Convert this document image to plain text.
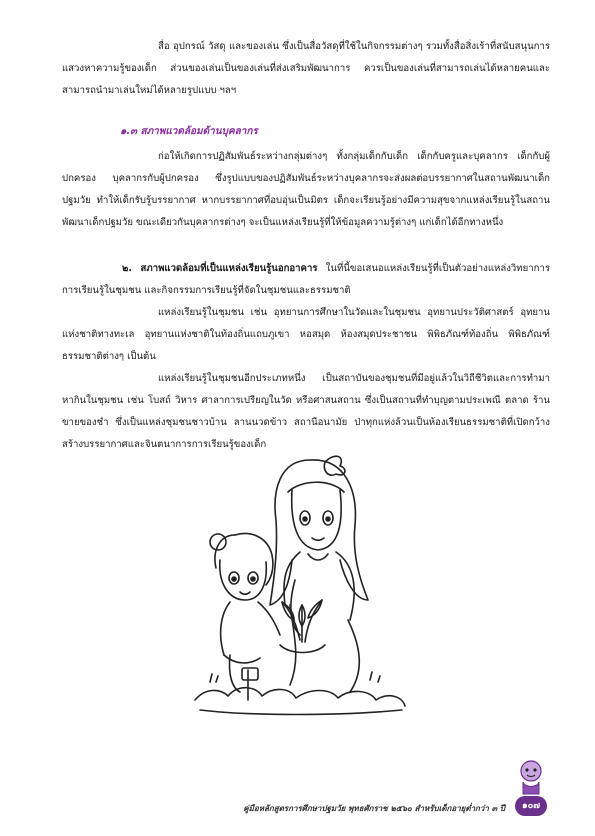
สื่อ อุปกรณ์ วัสดุ และของเล่น ซึ่งเป็นสื่อวัสดุที่ใช้ในกิจกรรมต่างๆ รวมทั้งสื่อสิ่งเร้าที่สนับสนุนการแสวงหาความรู้ของเด็ก ส่วนของเล่นเป็นของเล่นที่ส่งเสริมพัฒนาการ ควรเป็นของเล่นที่สามารถเล่นได้หลายคนและสามารถนำมาเล่นใหม่ได้หลายรูปแบบ ฯลฯ
๑.๓ สภาพแวดล้อมด้านบุคลากร
ก่อให้เกิดการปฏิสัมพันธ์ระหว่างกลุ่มต่างๆ ทั้งกลุ่มเด็กกับเด็ก เด็กกับครูและบุคลากร เด็กกับผู้ปกครอง บุคลากรกับผู้ปกครอง ซึ่งรูปแบบของปฏิสัมพันธ์ระหว่างบุคลากรจะส่งผลต่อบรรยากาศในสถานพัฒนาเด็กปฐมวัย ทำให้เด็กรับรู้บรรยากาศ หากบรรยากาศที่อบอุ่นเป็นมิตร เด็กจะเรียนรู้อย่างมีความสุขจากแหล่งเรียนรู้ในสถานพัฒนาเด็กปฐมวัย ขณะเดียวกันบุคลากรต่างๆ จะเป็นแหล่งเรียนรู้ที่ให้ข้อมูลความรู้ต่างๆ แก่เด็กได้อีกทางหนึ่ง
๒. สภาพแวดล้อมที่เป็นแหล่งเรียนรู้นอกอาคาร ในที่นี้ขอเสนอแหล่งเรียนรู้ที่เป็นตัวอย่างแหล่งวิทยาการการเรียนรู้ในชุมชน และกิจกรรมการเรียนรู้ที่จัดในชุมชนและธรรมชาติ
แหล่งเรียนรู้ในชุมชน เช่น อุทยานการศึกษาในวัดและในชุมชน อุทยานประวัติศาสตร์ อุทยานแห่งชาติทางทะเล อุทยานแห่งชาติในท้องถิ่นแถบภูเขา หอสมุด ห้องสมุดประชาชน พิพิธภัณฑ์ท้องถิ่น พิพิธภัณฑ์ธรรมชาติต่างๆ เป็นต้น
แหล่งเรียนรู้ในชุมชนอีกประเภทหนึ่ง เป็นสถาบันของชุมชนที่มีอยู่แล้วในวิถีชีวิตและการทำมาหากินในชุมชน เช่น โบสถ์ วิหาร ศาลาการเปรียญในวัด หรือศาสนสถาน ซึ่งเป็นสถานที่ทำบุญตามประเพณี ตลาด ร้านขายของชำ ซึ่งเป็นแหล่งชุมชนชาวบ้าน ลานนวดข้าว สถานีอนามัย ป่าทุกแห่งล้วนเป็นห้องเรียนธรรมชาติที่เปิดกว้างสร้างบรรยากาศและจินตนาการการเรียนรู้ของเด็ก
คู่มือหลักสูตรการศึกษาปฐมวัย พุทธศักราช ๒๕๖๐ สำหรับเด็กอายุต่ำกว่า ๓ ปี	๑๐๗
